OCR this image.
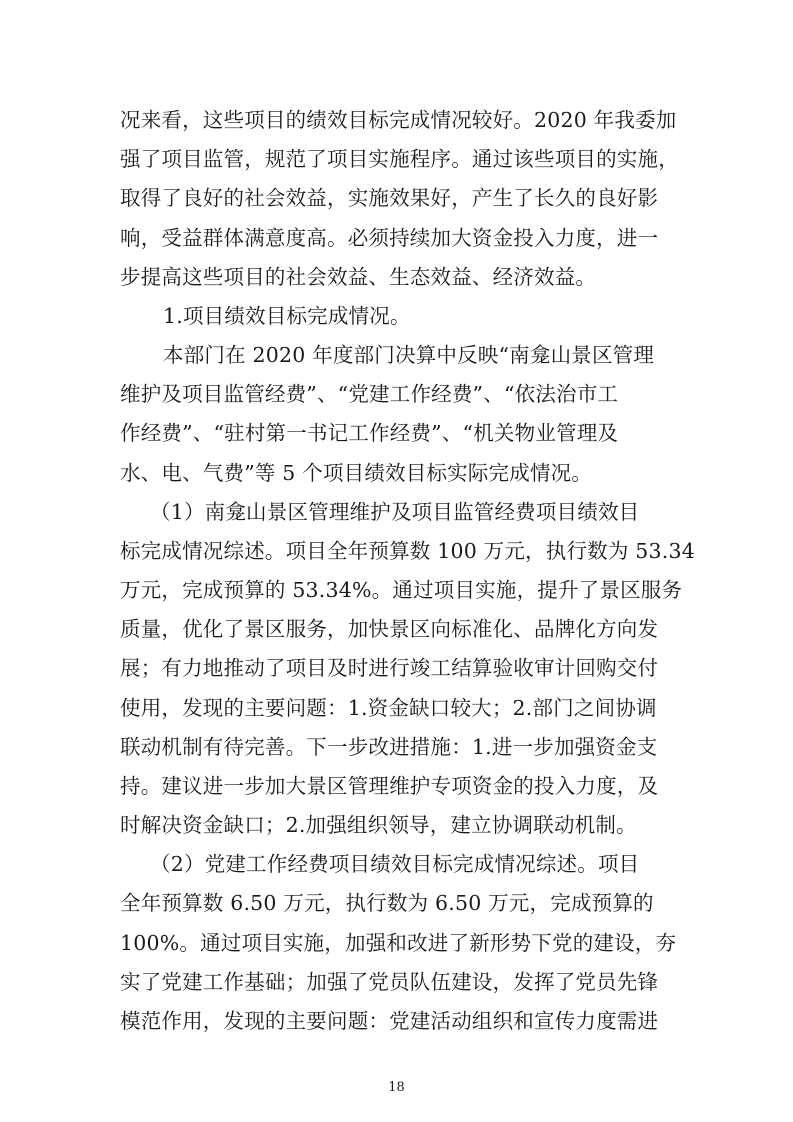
况来看，这些项目的绩效目标完成情况较好。2020 年我委加
强了项目监管，规范了项目实施程序。通过该些项目的实施，
取得了良好的社会效益，实施效果好，产生了长久的良好影
响，受益群体满意度高。必须持续加大资金投入力度，进一
步提高这些项目的社会效益、生态效益、经济效益。
1.项目绩效目标完成情况。
本部门在 2020 年度部门决算中反映“南龛山景区管理
维护及项目监管经费”、“党建工作经费”、“依法治市工
作经费”、“驻村第一书记工作经费”、“机关物业管理及
水、电、气费”等 5 个项目绩效目标实际完成情况。
（1）南龛山景区管理维护及项目监管经费项目绩效目
标完成情况综述。项目全年预算数 100 万元，执行数为 53.34
万元，完成预算的 53.34%。通过项目实施，提升了景区服务
质量，优化了景区服务，加快景区向标准化、品牌化方向发
展；有力地推动了项目及时进行竣工结算验收审计回购交付
使用，发现的主要问题：1.资金缺口较大；2.部门之间协调
联动机制有待完善。下一步改进措施：1.进一步加强资金支
持。建议进一步加大景区管理维护专项资金的投入力度，及
时解决资金缺口；2.加强组织领导，建立协调联动机制。
（2）党建工作经费项目绩效目标完成情况综述。项目
全年预算数 6.50 万元，执行数为 6.50 万元，完成预算的
100%。通过项目实施，加强和改进了新形势下党的建设，夯
实了党建工作基础；加强了党员队伍建设，发挥了党员先锋
模范作用，发现的主要问题：党建活动组织和宣传力度需进
18
